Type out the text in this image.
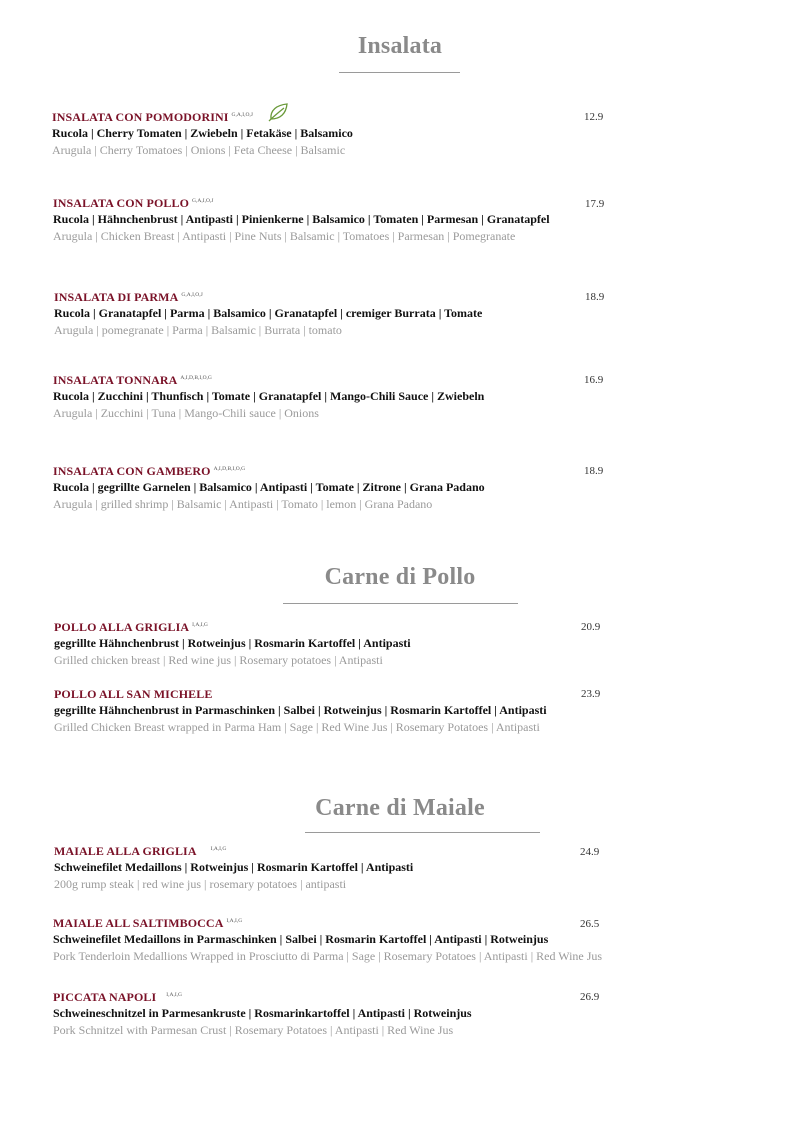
Insalata
INSALATA CON POMODORINI $^{G,A,I,O,J}$
Rucola | Cherry Tomaten | Zwiebeln | Fetakäse | Balsamico
Arugula | Cherry Tomatoes | Onions | Feta Cheese | Balsamic
12.9
INSALATA CON POLLO $^{G,A,I,O,J}$
Rucola | Hähnchenbrust | Antipasti | Pinienkerne | Balsamico | Tomaten | Parmesan | Granatapfel
Arugula | Chicken Breast | Antipasti | Pine Nuts | Balsamic | Tomatoes | Parmesan | Pomegranate
17.9
INSALATA DI PARMA $^{G,A,I,O,J}$
Rucola | Granatapfel | Parma | Balsamico | Granatapfel | cremiger Burrata | Tomate
Arugula | pomegranate | Parma | Balsamic | Burrata | tomato
18.9
INSALATA TONNARA $^{A,I,D,B,I,O,G}$
Rucola | Zucchini | Thunfisch | Tomate | Granatapfel | Mango-Chili Sauce | Zwiebeln
Arugula | Zucchini | Tuna | Mango-Chili sauce | Onions
16.9
INSALATA CON GAMBERO $^{A,I,D,B,I,O,G}$
Rucola | gegrillte Garnelen | Balsamico | Antipasti | Tomate | Zitrone | Grana Padano
Arugula | grilled shrimp | Balsamic | Antipasti | Tomato | lemon | Grana Padano
18.9
Carne di Pollo
POLLO ALLA GRIGLIA $^{I,A,I,G}$
gegrillte Hähnchenbrust | Rotweinjus | Rosmarin Kartoffel | Antipasti
Grilled chicken breast | Red wine jus | Rosemary potatoes | Antipasti
20.9
POLLO ALL SAN MICHELE
gegrillte Hähnchenbrust in Parmaschinken | Salbei | Rotweinjus | Rosmarin Kartoffel | Antipasti
Grilled Chicken Breast wrapped in Parma Ham | Sage | Red Wine Jus | Rosemary Potatoes | Antipasti
23.9
Carne di Maiale
MAIALE ALLA GRIGLIA	$^{I,A,I,G}$
Schweinefilet Medaillons | Rotweinjus | Rosmarin Kartoffel | Antipasti
200g rump steak | red wine jus | rosemary potatoes | antipasti
24.9
MAIALE ALL SALTIMBOCCA $^{I,A,I,G}$
Schweinefilet Medaillons in Parmaschinken | Salbei | Rosmarin Kartoffel | Antipasti | Rotweinjus
Pork Tenderloin Medallions Wrapped in Prosciutto di Parma | Sage | Rosemary Potatoes | Antipasti | Red Wine Jus
26.5
PICCATA NAPOLI $^{I,A,I,G}$
Schweineschnitzel in Parmesankruste | Rosmarinkartoffel | Antipasti | Rotweinjus
Pork Schnitzel with Parmesan Crust | Rosemary Potatoes | Antipasti | Red Wine Jus
26.9
